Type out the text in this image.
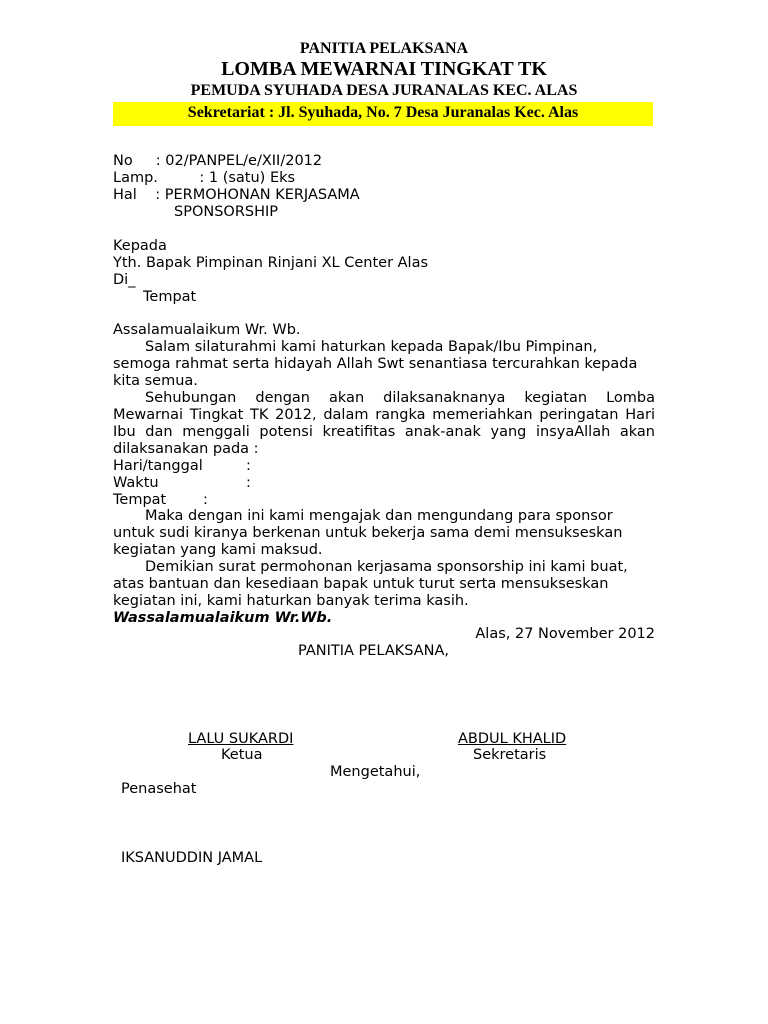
PANITIA PELAKSANA
LOMBA MEWARNAI TINGKAT TK
PEMUDA SYUHADA DESA JURANALAS KEC. ALAS
Sekretariat : Jl. Syuhada, No. 7 Desa Juranalas Kec. Alas
No     : 02/PANPEL/e/XII/2012
Lamp.         : 1 (satu) Eks
Hal    : PERMOHONAN KERJASAMA
SPONSORSHIP
Kepada
Yth. Bapak Pimpinan Rinjani XL Center Alas
Di_
Tempat
Assalamualaikum Wr. Wb.
Salam silaturahmi kami haturkan kepada Bapak/Ibu Pimpinan,
semoga rahmat serta hidayah Allah Swt senantiasa tercurahkan kepada
kita semua.
Sehubungan dengan akan dilaksanaknanya kegiatan Lomba
Mewarnai Tingkat TK 2012, dalam rangka memeriahkan peringatan Hari
Ibu dan menggali potensi kreatifitas anak-anak yang insyaAllah akan
dilaksanakan pada :
Hari/tanggal	:
Waktu	:
Tempat	:
Maka dengan ini kami mengajak dan mengundang para sponsor
untuk sudi kiranya berkenan untuk bekerja sama demi mensukseskan
kegiatan yang kami maksud.
Demikian surat permohonan kerjasama sponsorship ini kami buat,
atas bantuan dan kesediaan bapak untuk turut serta mensukseskan
kegiatan ini, kami haturkan banyak terima kasih.
Wassalamualaikum Wr.Wb.
Alas, 27 November 2012
PANITIA PELAKSANA,
LALU SUKARDI
Ketua
ABDUL KHALID
Sekretaris
Mengetahui,
Penasehat
IKSANUDDIN JAMAL
